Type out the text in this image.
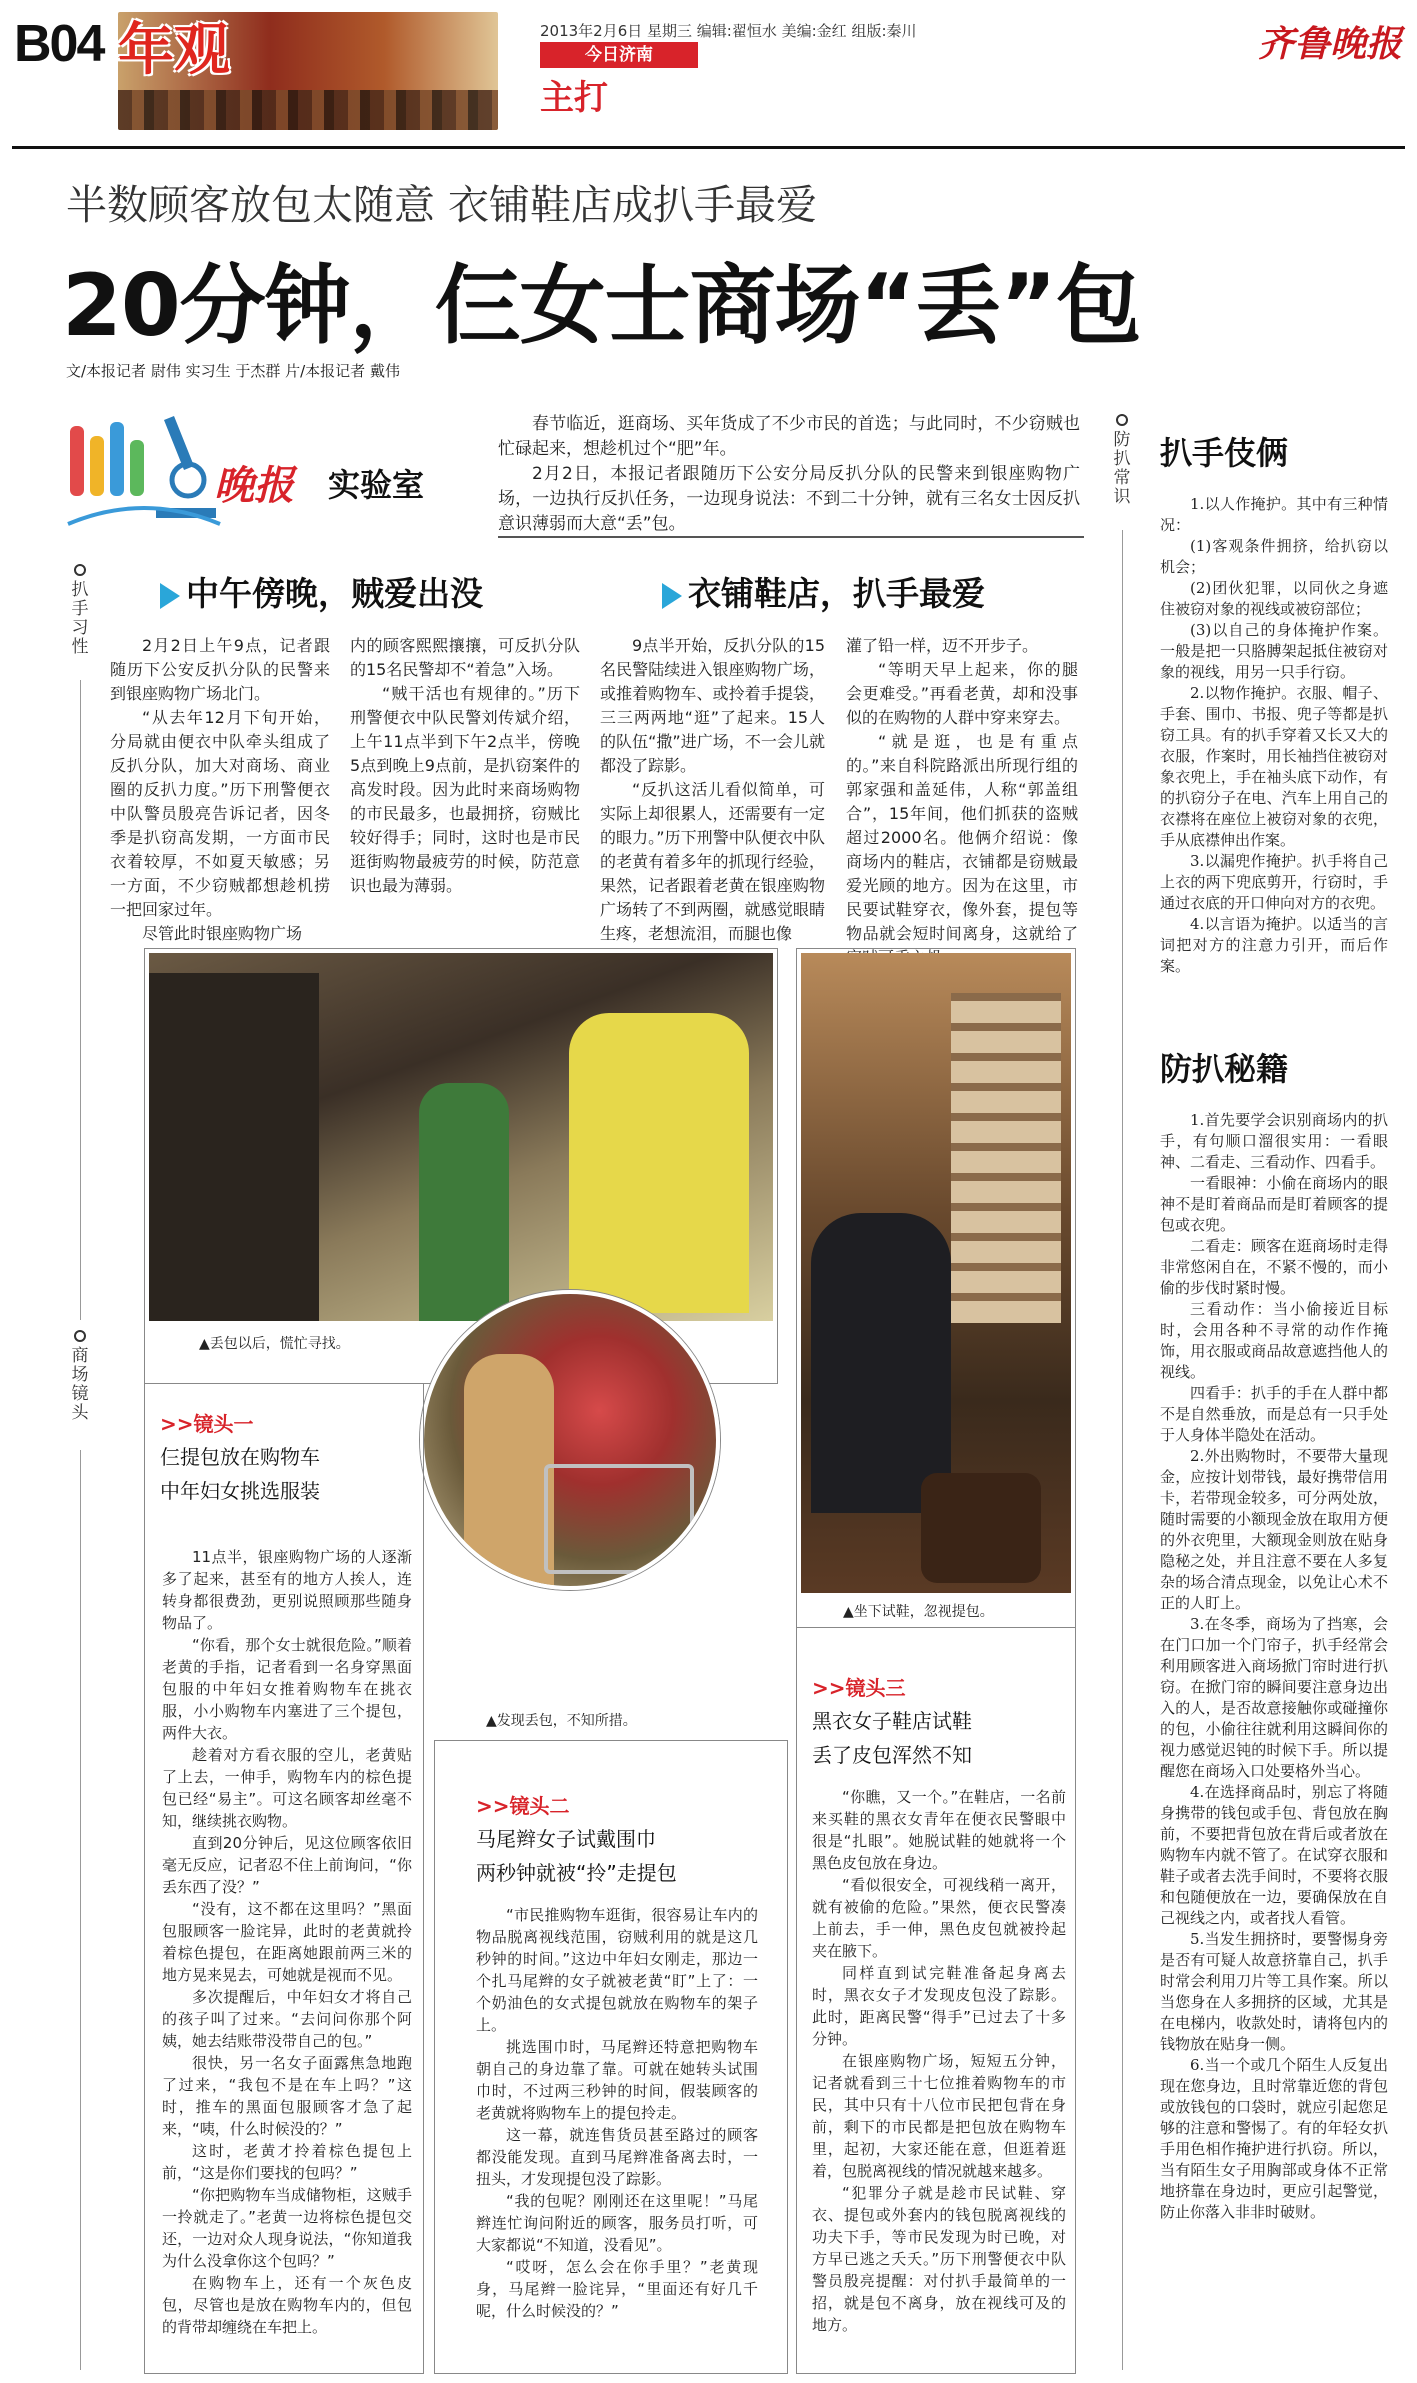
B04 年观	2013年2月6日 星期三 编辑:翟恒水 美编:金红 组版:秦川
今日济南
主打
齐鲁晚报
半数顾客放包太随意 衣铺鞋店成扒手最爱
20分钟，仨女士商场“丢”包
文/本报记者 尉伟 实习生 于杰群 片/本报记者 戴伟
晚报 实验室

春节临近，逛商场、买年货成了不少市民的首选；与此同时，不少窃贼也忙碌起来，想趁机过个“肥”年。

2月2日，本报记者跟随历下公安分局反扒分队的民警来到银座购物广场，一边执行反扒任务，一边现身说法：不到二十分钟，就有三名女士因反扒意识薄弱而大意“丢”包。

扒手习性
商场镜头
中午傍晚，贼爱出没

2月2日上午9点，记者跟随历下公安反扒分队的民警来到银座购物广场北门。

“从去年12月下旬开始，分局就由便衣中队牵头组成了反扒分队，加大对商场、商业圈的反扒力度。”历下刑警便衣中队警员殷亮告诉记者，因冬季是扒窃高发期，一方面市民衣着较厚，不如夏天敏感；另一方面，不少窃贼都想趁机捞一把回家过年。

尽管此时银座购物广场

内的顾客熙熙攘攘，可反扒分队的15名民警却不“着急”入场。

“贼干活也有规律的。”历下刑警便衣中队民警刘传斌介绍，上午11点半到下午2点半，傍晚5点到晚上9点前，是扒窃案件的高发时段。因为此时来商场购物的市民最多，也最拥挤，窃贼比较好得手；同时，这时也是市民逛街购物最疲劳的时候，防范意识也最为薄弱。

衣铺鞋店，扒手最爱

9点半开始，反扒分队的15名民警陆续进入银座购物广场，或推着购物车、或拎着手提袋，三三两两地“逛”了起来。15人的队伍“撒”进广场，不一会儿就都没了踪影。

“反扒这活儿看似简单，可实际上却很累人，还需要有一定的眼力。”历下刑警中队便衣中队的老黄有着多年的抓现行经验，果然，记者跟着老黄在银座购物广场转了不到两圈，就感觉眼睛生疼，老想流泪，而腿也像

灌了铅一样，迈不开步子。

“等明天早上起来，你的腿会更难受。”再看老黄，却和没事似的在购物的人群中穿来穿去。

“就是逛，也是有重点的。”来自科院路派出所现行组的郭家强和盖延伟，人称“郭盖组合”，15年间，他们抓获的盗贼超过2000名。他俩介绍说：像商场内的鞋店，衣铺都是窃贼最爱光顾的地方。因为在这里，市民要试鞋穿衣，像外套，提包等物品就会短时间离身，这就给了

▲丢包以后，慌忙寻找。
▲坐下试鞋，忽视提包。
▲发现丢包，不知所措。
>>镜头一
仨提包放在购物车
中年妇女挑选服装

11点半，银座购物广场的人逐渐多了起来，甚至有的地方人挨人，连转身都很费劲，更别说照顾那些随身物品了。

“你看，那个女士就很危险。”顺着老黄的手指，记者看到一名身穿黑面包服的中年妇女推着购物车在挑衣服，小小购物车内塞进了三个提包，两件大衣。

趁着对方看衣服的空儿，老黄贴了上去，一伸手，购物车内的棕色提包已经“易主”。可这名顾客却丝毫不知，继续挑衣购物。

直到20分钟后，见这位顾客依旧毫无反应，记者忍不住上前询问，“你丢东西了没？”

“没有，这不都在这里吗？”黑面包服顾客一脸诧异，此时的老黄就拎着棕色提包，在距离她跟前两三米的地方晃来晃去，可她就是视而不见。

多次提醒后，中年妇女才将自己的孩子叫了过来。“去问问你那个阿姨，她去结账带没带自己的包。”

很快，另一名女子面露焦急地跑了过来，“我包不是在车上吗？”这时，推车的黑面包服顾客才急了起来，“咦，什么时候没的？”

这时，老黄才拎着棕色提包上前，“这是你们要找的包吗？”

“你把购物车当成储物柜，这贼手一拎就走了。”老黄一边将棕色提包交还，一边对众人现身说法，“你知道我为什么没拿你这个包吗？”

在购物车上，还有一个灰色皮包，尽管也是放在购物车内的，但包的背带却缠绕在车把上。

>>镜头二
马尾辫女子试戴围巾
两秒钟就被“拎”走提包

“市民推购物车逛街，很容易让车内的物品脱离视线范围，窃贼利用的就是这几秒钟的时间。”这边中年妇女刚走，那边一个扎马尾辫的女子就被老黄“盯”上了：一个奶油色的女式提包就放在购物车的架子上。

挑选围巾时，马尾辫还特意把购物车朝自己的身边靠了靠。可就在她转头试围巾时，不过两三秒钟的时间，假装顾客的老黄就将购物车上的提包拎走。

这一幕，就连售货员甚至路过的顾客都没能发现。直到马尾辫准备离去时，一扭头，才发现提包没了踪影。

“我的包呢？刚刚还在这里呢！”马尾辫连忙询问附近的顾客，服务员打听，可大家都说“不知道，没看见”。

“哎呀，怎么会在你手里？”老黄现身，马尾辫一脸诧异，“里面还有好几千呢，什么时候没的？”

>>镜头三
黑衣女子鞋店试鞋
丢了皮包浑然不知

“你瞧，又一个。”在鞋店，一名前来买鞋的黑衣女青年在便衣民警眼中很是“扎眼”。她脱试鞋的她就将一个黑色皮包放在身边。

“看似很安全，可视线稍一离开，就有被偷的危险。”果然，便衣民警凑上前去，手一伸，黑色皮包就被拎起夹在腋下。

同样直到试完鞋准备起身离去时，黑衣女子才发现皮包没了踪影。此时，距离民警“得手”已过去了十多分钟。

在银座购物广场，短短五分钟，记者就看到三十七位推着购物车的市民，其中只有十八位市民把包背在身前，剩下的市民都是把包放在购物车里，起初，大家还能在意，但逛着逛着，包脱离视线的情况就越来越多。

“犯罪分子就是趁市民试鞋、穿衣、提包或外套内的钱包脱离视线的功夫下手，等市民发现为时已晚，对方早已逃之夭夭。”历下刑警便衣中队警员殷亮提醒：对付扒手最简单的一招，就是包不离身，放在视线可及的地方。

防扒常识
扒手伎俩

1.以人作掩护。其中有三种情况：

(1)客观条件拥挤，给扒窃以机会；

(2)团伙犯罪，以同伙之身遮住被窃对象的视线或被窃部位；

(3)以自己的身体掩护作案。一般是把一只胳膊架起抵住被窃对象的视线，用另一只手行窃。

2.以物作掩护。衣服、帽子、手套、围巾、书报、兜子等都是扒窃工具。有的扒手穿着又长又大的衣服，作案时，用长袖挡住被窃对象衣兜上，手在袖头底下动作，有的扒窃分子在电、汽车上用自己的衣襟将在座位上被窃对象的衣兜，手从底襟伸出作案。

3.以漏兜作掩护。扒手将自己上衣的两下兜底剪开，行窃时，手通过衣底的开口伸向对方的衣兜。

4.以言语为掩护。以适当的言词把对方的注意力引开，而后作案。

防扒秘籍

1.首先要学会识别商场内的扒手，有句顺口溜很实用：一看眼神、二看走、三看动作、四看手。

一看眼神：小偷在商场内的眼神不是盯着商品而是盯着顾客的提包或衣兜。

二看走：顾客在逛商场时走得非常悠闲自在，不紧不慢的，而小偷的步伐时紧时慢。

三看动作：当小偷接近目标时，会用各种不寻常的动作作掩饰，用衣服或商品故意遮挡他人的视线。

四看手：扒手的手在人群中都不是自然垂放，而是总有一只手处于人身体半隐处在活动。

2.外出购物时，不要带大量现金，应按计划带钱，最好携带信用卡，若带现金较多，可分两处放，随时需要的小额现金放在取用方便的外衣兜里，大额现金则放在贴身隐秘之处，并且注意不要在人多复杂的场合清点现金，以免让心术不正的人盯上。

3.在冬季，商场为了挡寒，会在门口加一个门帘子，扒手经常会利用顾客进入商场掀门帘时进行扒窃。在掀门帘的瞬间要注意身边出入的人，是否故意接触你或碰撞你的包，小偷往往就利用这瞬间你的视力感觉迟钝的时候下手。所以提醒您在商场入口处要格外当心。

4.在选择商品时，别忘了将随身携带的钱包或手包、背包放在胸前，不要把背包放在背后或者放在购物车内就不管了。在试穿衣服和鞋子或者去洗手间时，不要将衣服和包随便放在一边，要确保放在自己视线之内，或者找人看管。

5.当发生拥挤时，要警惕身旁是否有可疑人故意挤靠自己，扒手时常会利用刀片等工具作案。所以当您身在人多拥挤的区域，尤其是在电梯内，收款处时，请将包内的钱物放在贴身一侧。

6.当一个或几个陌生人反复出现在您身边，且时常靠近您的背包或放钱包的口袋时，就应引起您足够的注意和警惕了。有的年轻女扒手用色相作掩护进行扒窃。所以，当有陌生女子用胸部或身体不正常地挤靠在身边时，更应引起警觉，防止你落入非非时破财。
